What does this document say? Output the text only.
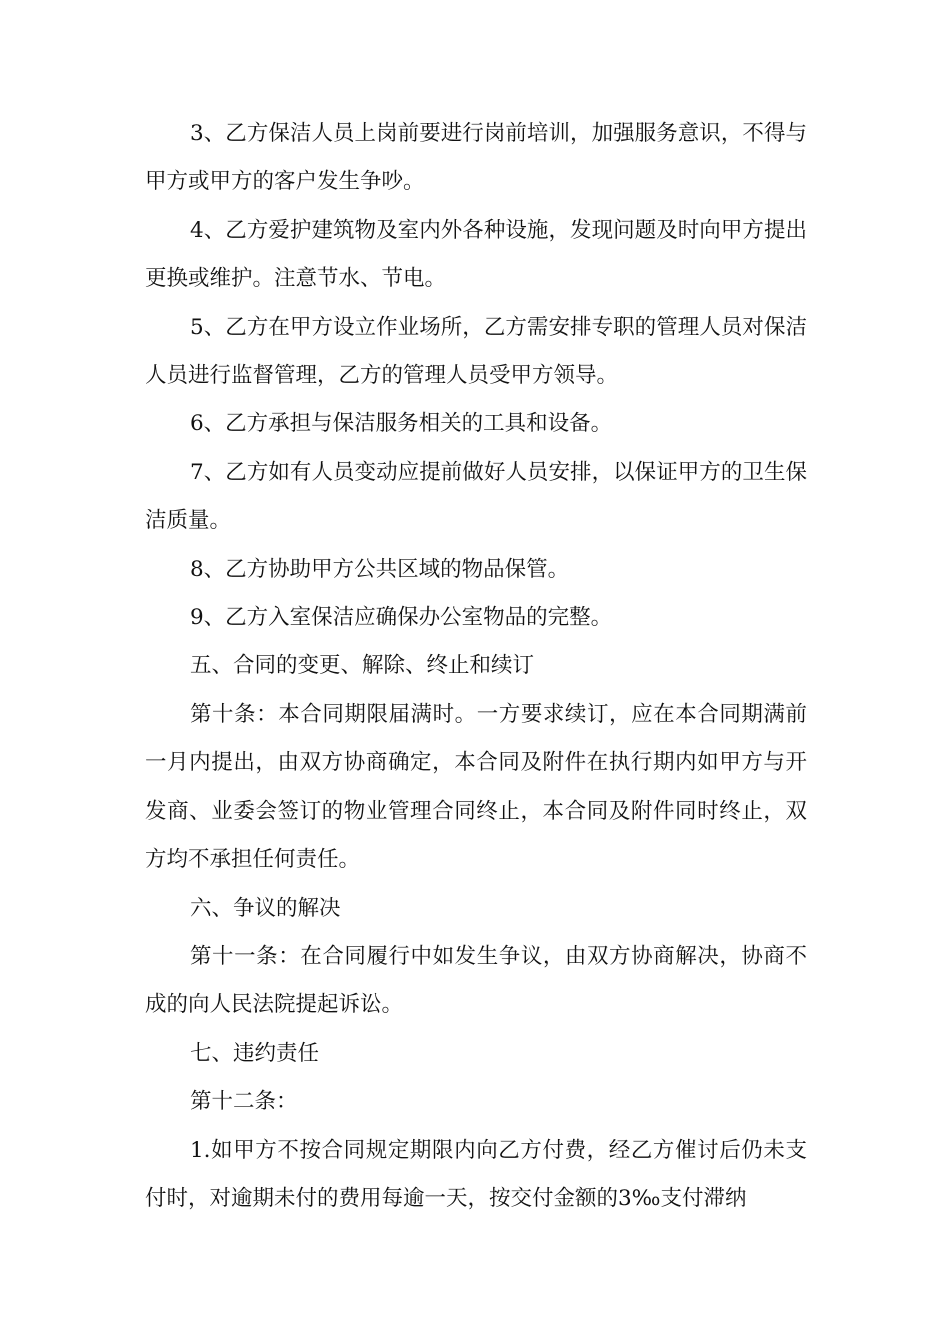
3、乙方保洁人员上岗前要进行岗前培训，加强服务意识，不得与甲方或甲方的客户发生争吵。

4、乙方爱护建筑物及室内外各种设施，发现问题及时向甲方提出更换或维护。注意节水、节电。

5、乙方在甲方设立作业场所，乙方需安排专职的管理人员对保洁人员进行监督管理，乙方的管理人员受甲方领导。

6、乙方承担与保洁服务相关的工具和设备。

7、乙方如有人员变动应提前做好人员安排，以保证甲方的卫生保洁质量。

8、乙方协助甲方公共区域的物品保管。

9、乙方入室保洁应确保办公室物品的完整。

五、合同的变更、解除、终止和续订

第十条：本合同期限届满时。一方要求续订，应在本合同期满前一月内提出，由双方协商确定，本合同及附件在执行期内如甲方与开发商、业委会签订的物业管理合同终止，本合同及附件同时终止，双方均不承担任何责任。

六、争议的解决

第十一条：在合同履行中如发生争议，由双方协商解决，协商不成的向人民法院提起诉讼。

七、违约责任

第十二条：

1.如甲方不按合同规定期限内向乙方付费，经乙方催讨后仍未支付时，对逾期未付的费用每逾一天，按交付金额的3‰支付滞纳
